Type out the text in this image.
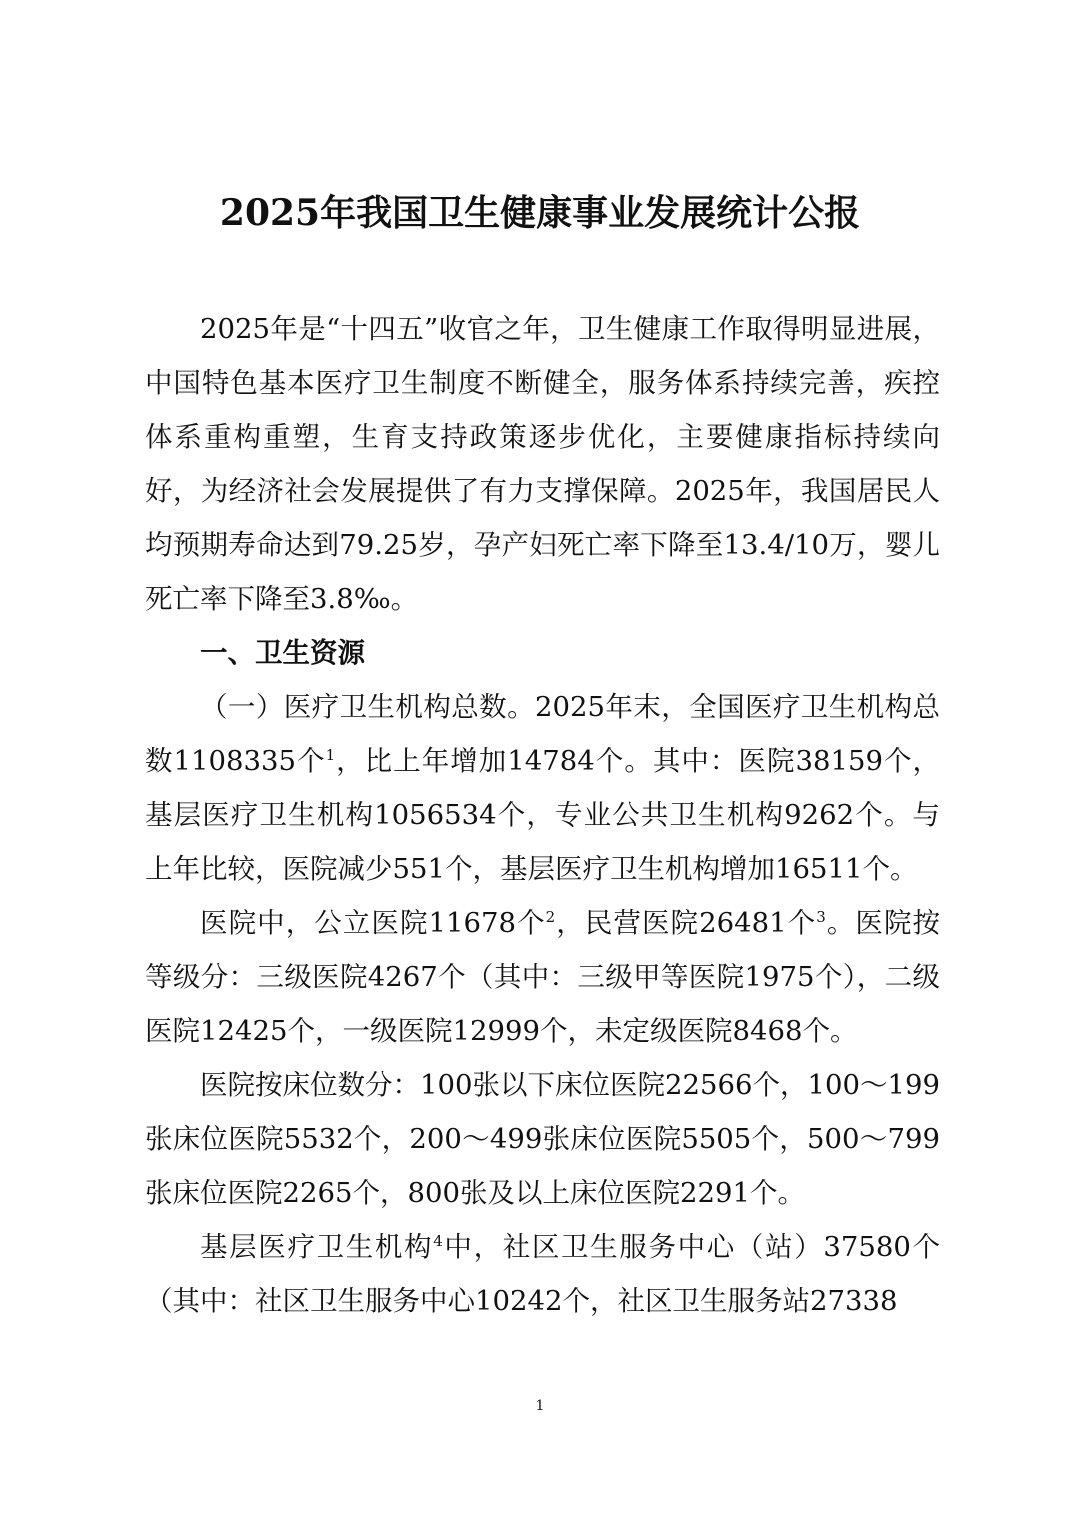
2025年我国卫生健康事业发展统计公报

2025年是“十四五”收官之年，卫生健康工作取得明显进展，中国特色基本医疗卫生制度不断健全，服务体系持续完善，疾控体系重构重塑，生育支持政策逐步优化，主要健康指标持续向好，为经济社会发展提供了有力支撑保障。2025年，我国居民人均预期寿命达到79.25岁，孕产妇死亡率下降至13.4/10万，婴儿死亡率下降至3.8‰。

一、卫生资源

（一）医疗卫生机构总数。2025年末，全国医疗卫生机构总数1108335个$^1$，比上年增加14784个。其中：医院38159个，基层医疗卫生机构1056534个，专业公共卫生机构9262个。与上年比较，医院减少551个，基层医疗卫生机构增加16511个。

医院中，公立医院11678个$^2$，民营医院26481个$^3$。医院按等级分：三级医院4267个（其中：三级甲等医院1975个），二级医院12425个，一级医院12999个，未定级医院8468个。

医院按床位数分：100张以下床位医院22566个，100～199张床位医院5532个，200～499张床位医院5505个，500～799张床位医院2265个，800张及以上床位医院2291个。

基层医疗卫生机构$^4$中，社区卫生服务中心（站）37580个（其中：社区卫生服务中心10242个，社区卫生服务站27338

1
